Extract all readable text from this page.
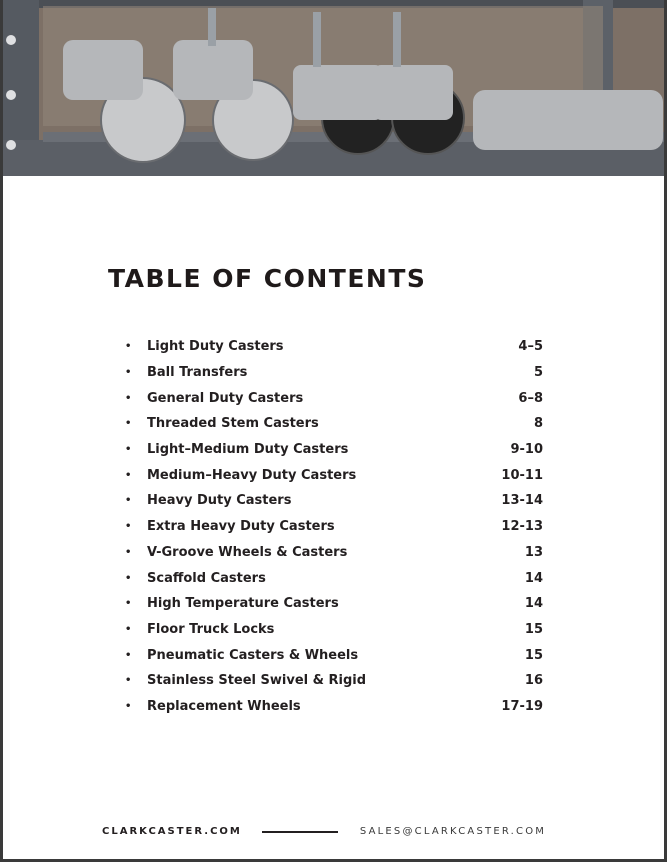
TABLE OF CONTENTS
•	Light Duty Casters	4–5
•	Ball Transfers	5
•	General Duty Casters	6–8
•	Threaded Stem Casters	8
•	Light–Medium Duty Casters	9-10
•	Medium–Heavy Duty Casters	10-11
•	Heavy Duty Casters	13-14
•	Extra Heavy Duty Casters	12-13
•	V-Groove Wheels & Casters	13
•	Scaffold Casters	14
•	High Temperature Casters	14
•	Floor Truck Locks	15
•	Pneumatic Casters & Wheels	15
•	Stainless Steel Swivel & Rigid	16
•	Replacement Wheels	17-19
CLARKCASTER.COM	SALES@CLARKCASTER.COM
